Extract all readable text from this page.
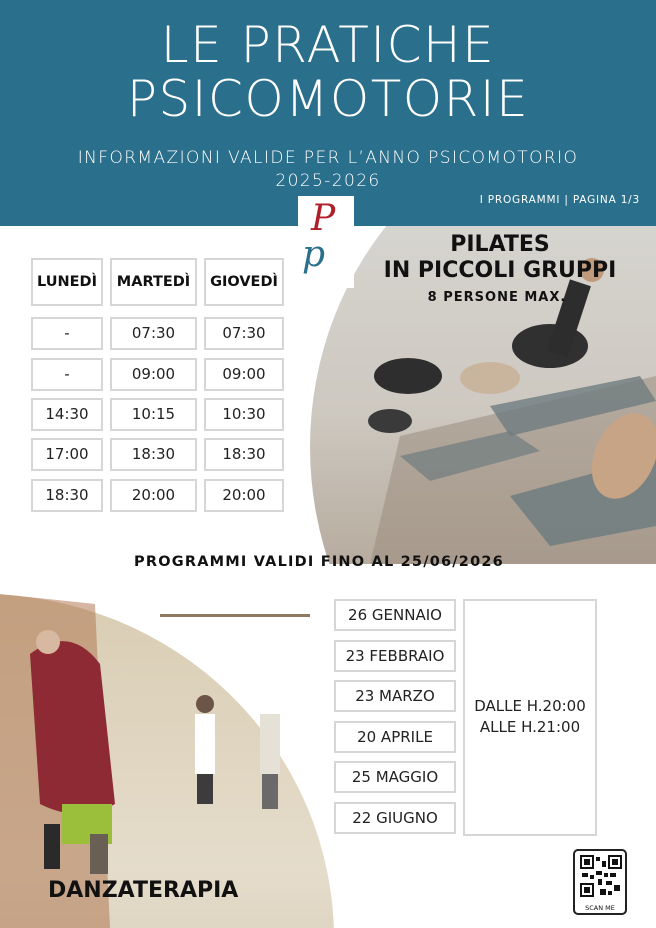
LE PRATICHE
PSICOMOTORIE
INFORMAZIONI VALIDE PER L’ANNO PSICOMOTORIO
2025-2026
I PROGRAMMI | PAGINA 1/3
P
p	PILATES
IN PICCOLI GRUPPI
8 PERSONE MAX.
LUNEDÌ	MARTEDÌ	GIOVEDÌ
-	07:30	07:30
-	09:00	09:00
14:30	10:15	10:30
17:00	18:30	18:30
18:30	20:00	20:00
PROGRAMMI VALIDI FINO AL 25/06/2026
DANZATERAPIA
26 GENNAIO
23 FEBBRAIO
23 MARZO
20 APRILE
25 MAGGIO
22 GIUGNO
DALLE H.20:00
ALLE H.21:00
SCAN ME
